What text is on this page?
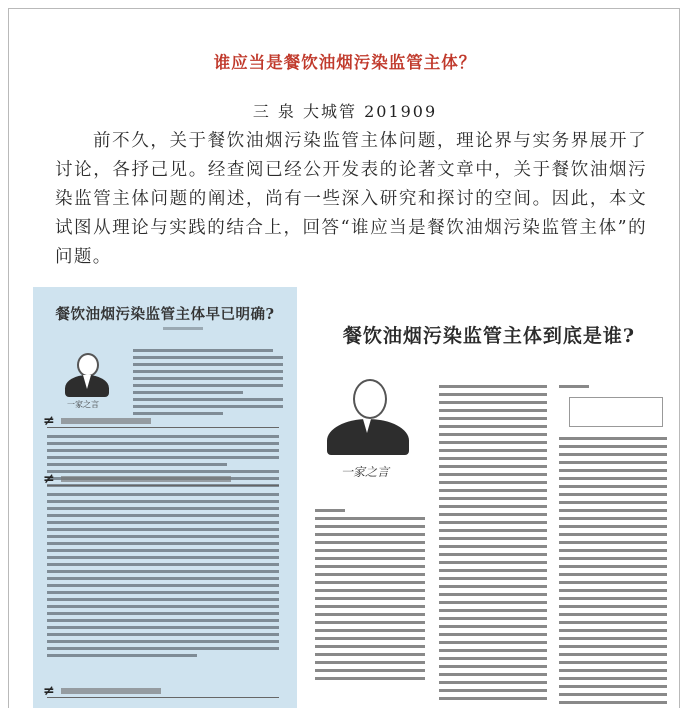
谁应当是餐饮油烟污染监管主体？
三 泉 大城管 201909
前不久，关于餐饮油烟污染监管主体问题，理论界与实务界展开了讨论，各抒己见。经查阅已经公开发表的论著文章中，关于餐饮油烟污染监管主体问题的阐述，尚有一些深入研究和探讨的空间。因此，本文试图从理论与实践的结合上，回答“谁应当是餐饮油烟污染监管主体”的问题。
餐饮油烟污染监管主体早已明确?
一家之言
≠
≠
≠
餐饮油烟污染监管主体到底是谁?
一家之言
